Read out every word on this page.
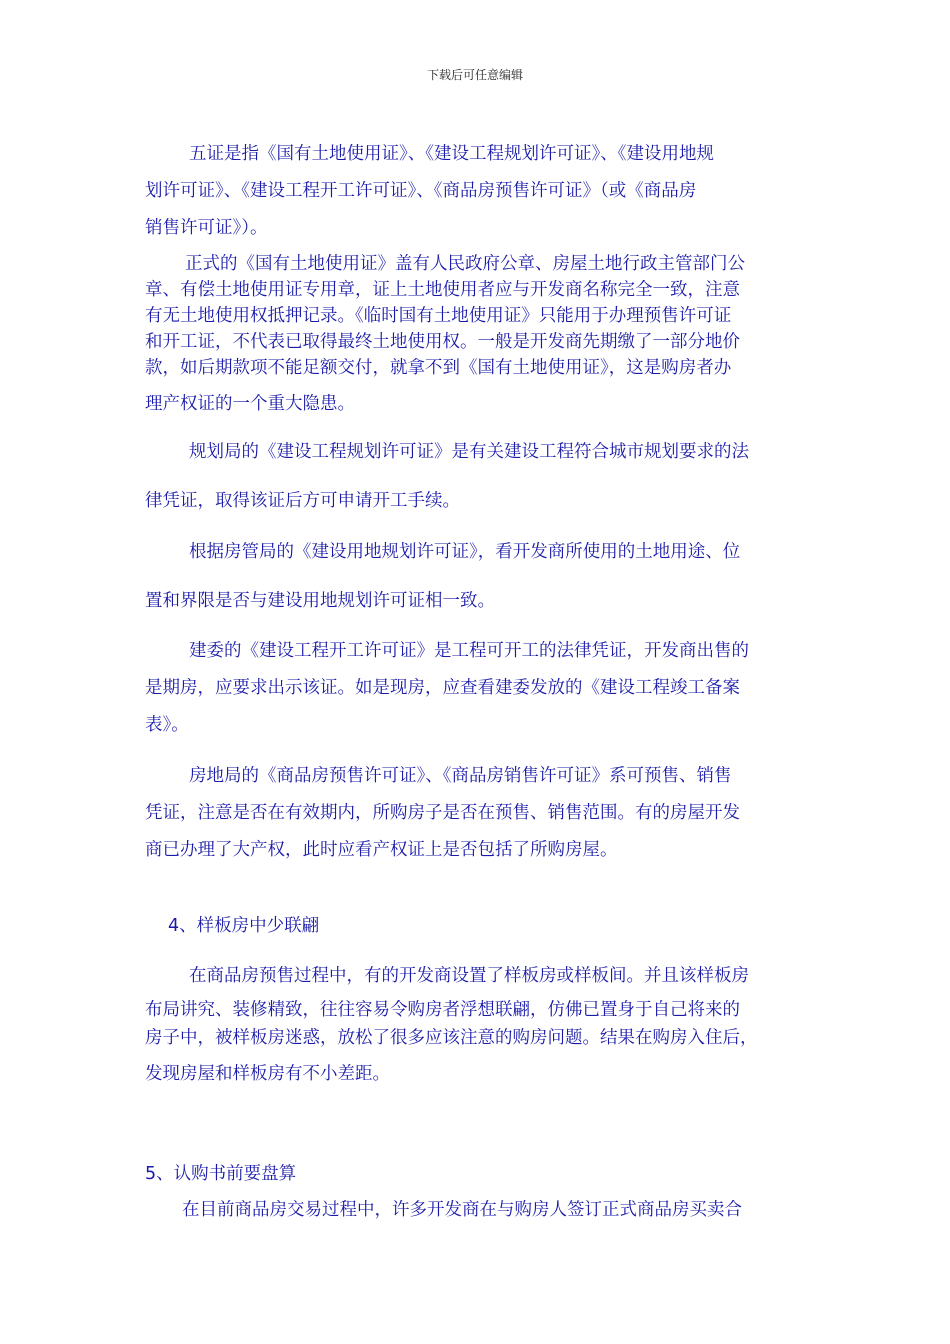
下载后可任意编辑
五证是指《国有土地使用证》、《建设工程规划许可证》、《建设用地规
划许可证》、《建设工程开工许可证》、《商品房预售许可证》（或《商品房
销售许可证》）。
正式的《国有土地使用证》盖有人民政府公章、房屋土地行政主管部门公
章、有偿土地使用证专用章，证上土地使用者应与开发商名称完全一致，注意
有无土地使用权抵押记录。《临时国有土地使用证》只能用于办理预售许可证
和开工证，不代表已取得最终土地使用权。一般是开发商先期缴了一部分地价
款，如后期款项不能足额交付，就拿不到《国有土地使用证》，这是购房者办
理产权证的一个重大隐患。
规划局的《建设工程规划许可证》是有关建设工程符合城市规划要求的法
律凭证，取得该证后方可申请开工手续。
根据房管局的《建设用地规划许可证》，看开发商所使用的土地用途、位
置和界限是否与建设用地规划许可证相一致。
建委的《建设工程开工许可证》是工程可开工的法律凭证，开发商出售的
是期房，应要求出示该证。如是现房，应查看建委发放的《建设工程竣工备案
表》。
房地局的《商品房预售许可证》、《商品房销售许可证》系可预售、销售
凭证，注意是否在有效期内，所购房子是否在预售、销售范围。有的房屋开发
商已办理了大产权，此时应看产权证上是否包括了所购房屋。
4、样板房中少联翩
在商品房预售过程中，有的开发商设置了样板房或样板间。并且该样板房
布局讲究、装修精致，往往容易令购房者浮想联翩，仿佛已置身于自己将来的
房子中，被样板房迷惑，放松了很多应该注意的购房问题。结果在购房入住后，
发现房屋和样板房有不小差距。
5、认购书前要盘算
在目前商品房交易过程中，许多开发商在与购房人签订正式商品房买卖合
